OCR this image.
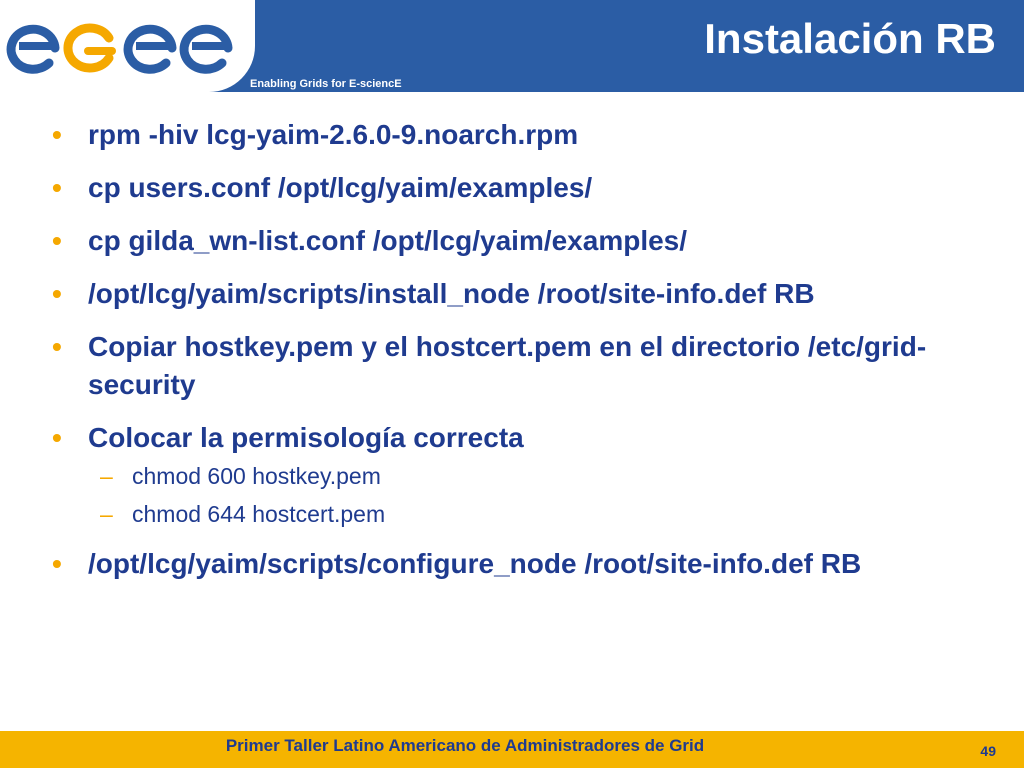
Enabling Grids for E-sciencE
Instalación RB
• rpm -hiv lcg-yaim-2.6.0-9.noarch.rpm
• cp users.conf /opt/lcg/yaim/examples/
• cp gilda_wn-list.conf /opt/lcg/yaim/examples/
• /opt/lcg/yaim/scripts/install_node /root/site-info.def RB
• Copiar hostkey.pem y el hostcert.pem en el directorio /etc/grid-security
• Colocar la permisología correcta
– chmod 600 hostkey.pem
– chmod 644 hostcert.pem
• /opt/lcg/yaim/scripts/configure_node /root/site-info.def RB
Primer Taller Latino Americano de Administradores de Grid	49
